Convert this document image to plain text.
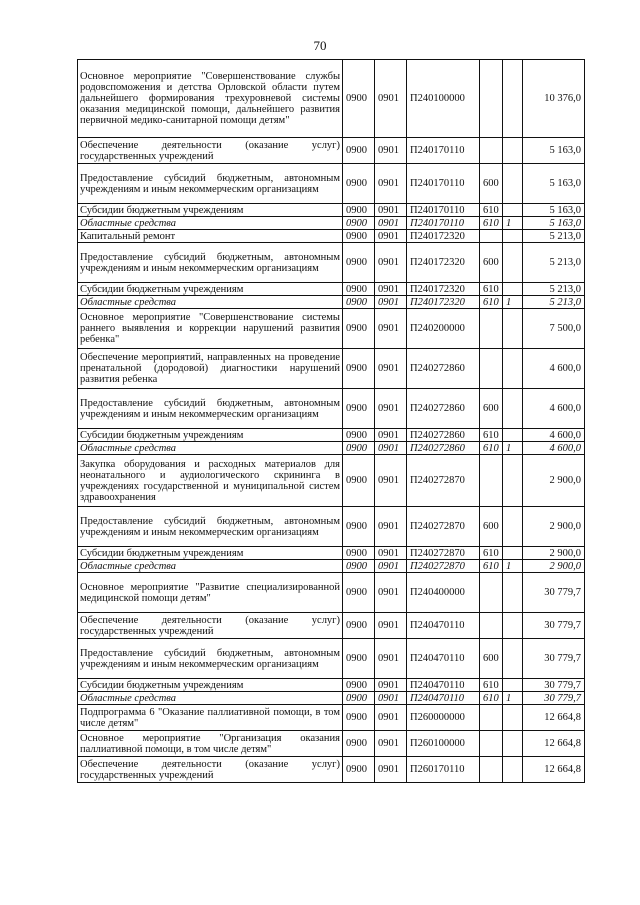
70
Основное мероприятие "Совершенствование службы родовспоможения и детства Орловской области путем дальнейшего формирования трехуровневой системы оказания медицинской помощи, дальнейшего развития первичной медико-санитарной помощи детям"	0900	0901	П240100000			10 376,0
Обеспечение деятельности (оказание услуг) государственных учреждений	0900	0901	П240170110			5 163,0
Предоставление субсидий бюджетным, автономным учреждениям и иным некоммерческим организациям	0900	0901	П240170110	600		5 163,0
Субсидии бюджетным учреждениям	0900	0901	П240170110	610		5 163,0
Областные средства	0900	0901	П240170110	610	1	5 163,0
Капитальный ремонт	0900	0901	П240172320			5 213,0
Предоставление субсидий бюджетным, автономным учреждениям и иным некоммерческим организациям	0900	0901	П240172320	600		5 213,0
Субсидии бюджетным учреждениям	0900	0901	П240172320	610		5 213,0
Областные средства	0900	0901	П240172320	610	1	5 213,0
Основное мероприятие "Совершенствование системы раннего выявления и коррекции нарушений развития ребенка"	0900	0901	П240200000			7 500,0
Обеспечение мероприятий, направленных на проведение пренатальной (дородовой) диагностики нарушений развития ребенка	0900	0901	П240272860			4 600,0
Предоставление субсидий бюджетным, автономным учреждениям и иным некоммерческим организациям	0900	0901	П240272860	600		4 600,0
Субсидии бюджетным учреждениям	0900	0901	П240272860	610		4 600,0
Областные средства	0900	0901	П240272860	610	1	4 600,0
Закупка оборудования и расходных материалов для неонатального и аудиологического скрининга в учреждениях государственной и муниципальной систем здравоохранения	0900	0901	П240272870			2 900,0
Предоставление субсидий бюджетным, автономным учреждениям и иным некоммерческим организациям	0900	0901	П240272870	600		2 900,0
Субсидии бюджетным учреждениям	0900	0901	П240272870	610		2 900,0
Областные средства	0900	0901	П240272870	610	1	2 900,0
Основное мероприятие "Развитие специализированной медицинской помощи детям"	0900	0901	П240400000			30 779,7
Обеспечение деятельности (оказание услуг) государственных учреждений	0900	0901	П240470110			30 779,7
Предоставление субсидий бюджетным, автономным учреждениям и иным некоммерческим организациям	0900	0901	П240470110	600		30 779,7
Субсидии бюджетным учреждениям	0900	0901	П240470110	610		30 779,7
Областные средства	0900	0901	П240470110	610	1	30 779,7
Подпрограмма 6 "Оказание паллиативной помощи, в том числе детям"	0900	0901	П260000000			12 664,8
Основное мероприятие "Организация оказания паллиативной помощи, в том числе детям"	0900	0901	П260100000			12 664,8
Обеспечение деятельности (оказание услуг) государственных учреждений	0900	0901	П260170110			12 664,8
